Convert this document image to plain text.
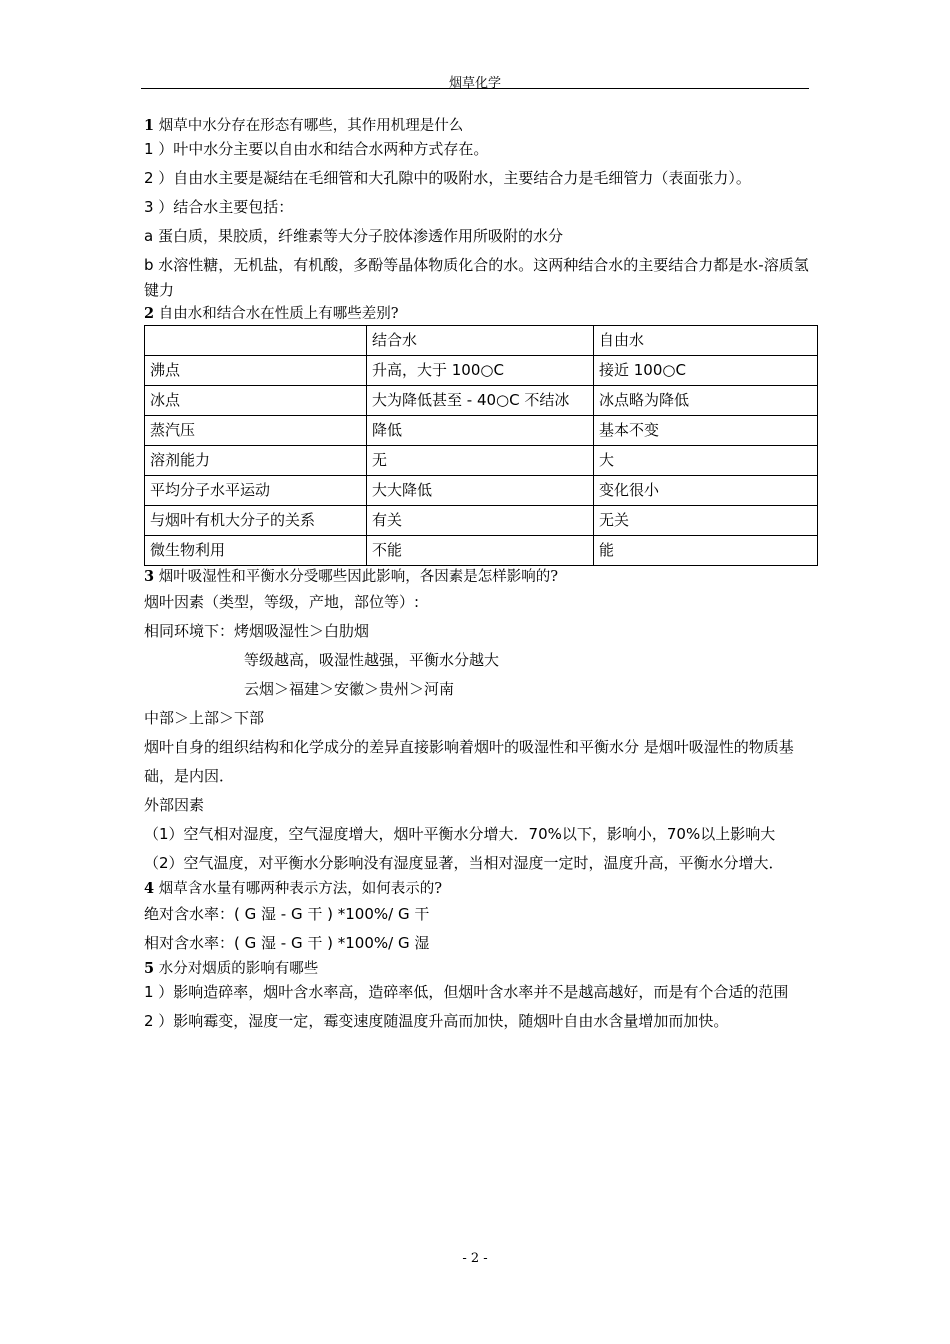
烟草化学

1 烟草中水分存在形态有哪些，其作用机理是什么

1 ）叶中水分主要以自由水和结合水两种方式存在。

2 ）自由水主要是凝结在毛细管和大孔隙中的吸附水，主要结合力是毛细管力（表面张力）。

3 ）结合水主要包括：

a 蛋白质，果胶质，纤维素等大分子胶体渗透作用所吸附的水分

b 水溶性糖，无机盐，有机酸，多酚等晶体物质化合的水。这两种结合水的主要结合力都是水-溶质氢键力

2 自由水和结合水在性质上有哪些差别?

	结合水	自由水
沸点	升高，大于 100○C	接近 100○C
冰点	大为降低甚至 - 40○C 不结冰	冰点略为降低
蒸汽压	降低	基本不变
溶剂能力	无	大
平均分子水平运动	大大降低	变化很小
与烟叶有机大分子的关系	有关	无关
微生物利用	不能	能

3 烟叶吸湿性和平衡水分受哪些因此影响，各因素是怎样影响的?

烟叶因素（类型，等级，产地，部位等）:

相同环境下：烤烟吸湿性＞白肋烟

等级越高，吸湿性越强，平衡水分越大

云烟＞福建＞安徽＞贵州＞河南

中部＞上部＞下部

烟叶自身的组织结构和化学成分的差异直接影响着烟叶的吸湿性和平衡水分 是烟叶吸湿性的物质基础，是内因．

外部因素

（1）空气相对湿度，空气湿度增大，烟叶平衡水分增大．70%以下，影响小，70%以上影响大

（2）空气温度，对平衡水分影响没有湿度显著，当相对湿度一定时，温度升高，平衡水分增大．

4 烟草含水量有哪两种表示方法，如何表示的?

绝对含水率：( G 湿 - G 干 ) *100%/ G 干

相对含水率：( G 湿 - G 干 ) *100%/ G 湿

5 水分对烟质的影响有哪些

1 ）影响造碎率，烟叶含水率高，造碎率低，但烟叶含水率并不是越高越好，而是有个合适的范围

2 ）影响霉变，湿度一定，霉变速度随温度升高而加快，随烟叶自由水含量增加而加快。

- 2 -
